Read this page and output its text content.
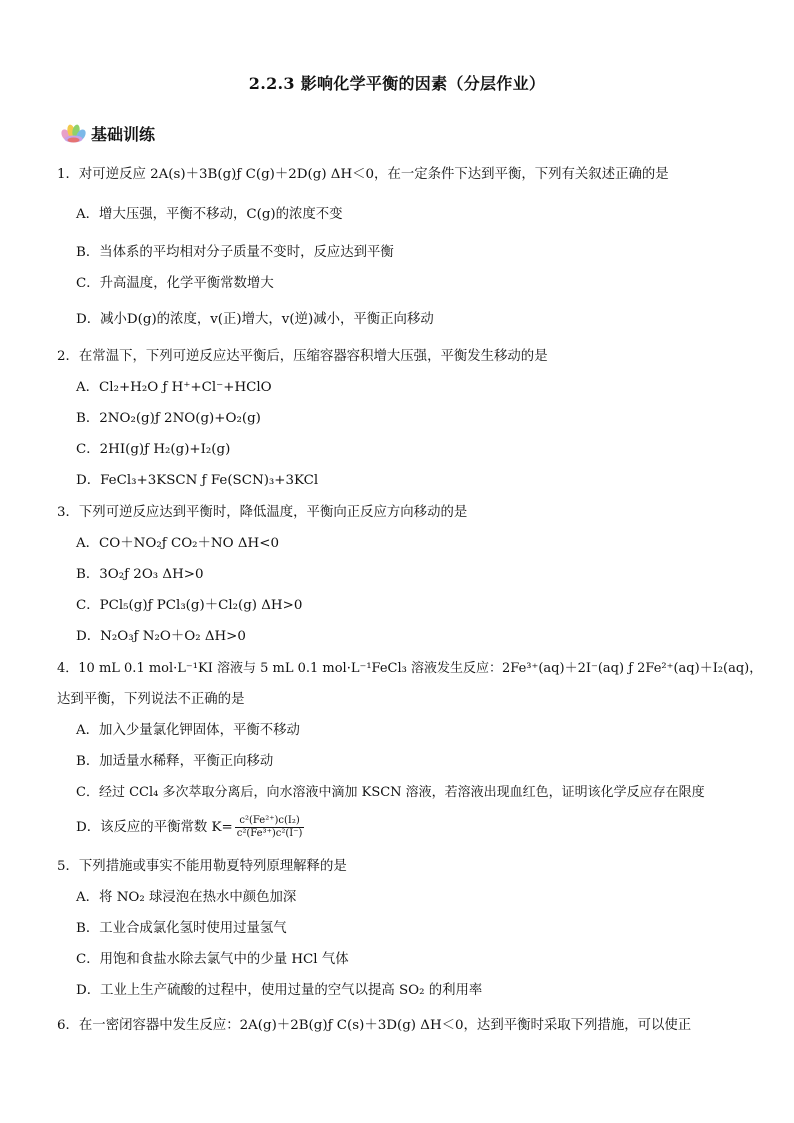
2.2.3 影响化学平衡的因素（分层作业）
基础训练
1．对可逆反应 2A(s)＋3B(g)ƒ C(g)＋2D(g) ΔH＜0，在一定条件下达到平衡，下列有关叙述正确的是
A．增大压强，平衡不移动，C(g)的浓度不变
B．当体系的平均相对分子质量不变时，反应达到平衡
C．升高温度，化学平衡常数增大
D．减小D(g)的浓度，v(正)增大，v(逆)减小，平衡正向移动
2．在常温下，下列可逆反应达平衡后，压缩容器容积增大压强，平衡发生移动的是
A．Cl₂+H₂O ƒ H⁺+Cl⁻+HClO
B．2NO₂(g)ƒ 2NO(g)+O₂(g)
C．2HI(g)ƒ H₂(g)+I₂(g)
D．FeCl₃+3KSCN ƒ Fe(SCN)₃+3KCl
3．下列可逆反应达到平衡时，降低温度，平衡向正反应方向移动的是
A．CO＋NO₂ƒ CO₂＋NO ΔH<0
B．3O₂ƒ 2O₃ ΔH>0
C．PCl₅(g)ƒ PCl₃(g)＋Cl₂(g) ΔH>0
D．N₂O₃ƒ N₂O＋O₂ ΔH>0
4．10 mL 0.1 mol·L⁻¹KI 溶液与 5 mL 0.1 mol·L⁻¹FeCl₃ 溶液发生反应：2Fe³⁺(aq)＋2I⁻(aq) ƒ 2Fe²⁺(aq)＋I₂(aq)，
达到平衡，下列说法不正确的是
A．加入少量氯化钾固体，平衡不移动
B．加适量水稀释，平衡正向移动
C．经过 CCl₄ 多次萃取分离后，向水溶液中滴加 KSCN 溶液，若溶液出现血红色，证明该化学反应存在限度
D．该反应的平衡常数 $K= \frac{\text{c²(Fe²⁺)c(I₂)}}{\text{c²(Fe³⁺)c²(I⁻)}}$
5．下列措施或事实不能用勒夏特列原理解释的是
A．将 NO₂ 球浸泡在热水中颜色加深
B．工业合成氯化氢时使用过量氢气
C．用饱和食盐水除去氯气中的少量 HCl 气体
D．工业上生产硫酸的过程中，使用过量的空气以提高 SO₂ 的利用率
6．在一密闭容器中发生反应：2A(g)＋2B(g)ƒ C(s)＋3D(g) ΔH＜0，达到平衡时采取下列措施，可以使正
